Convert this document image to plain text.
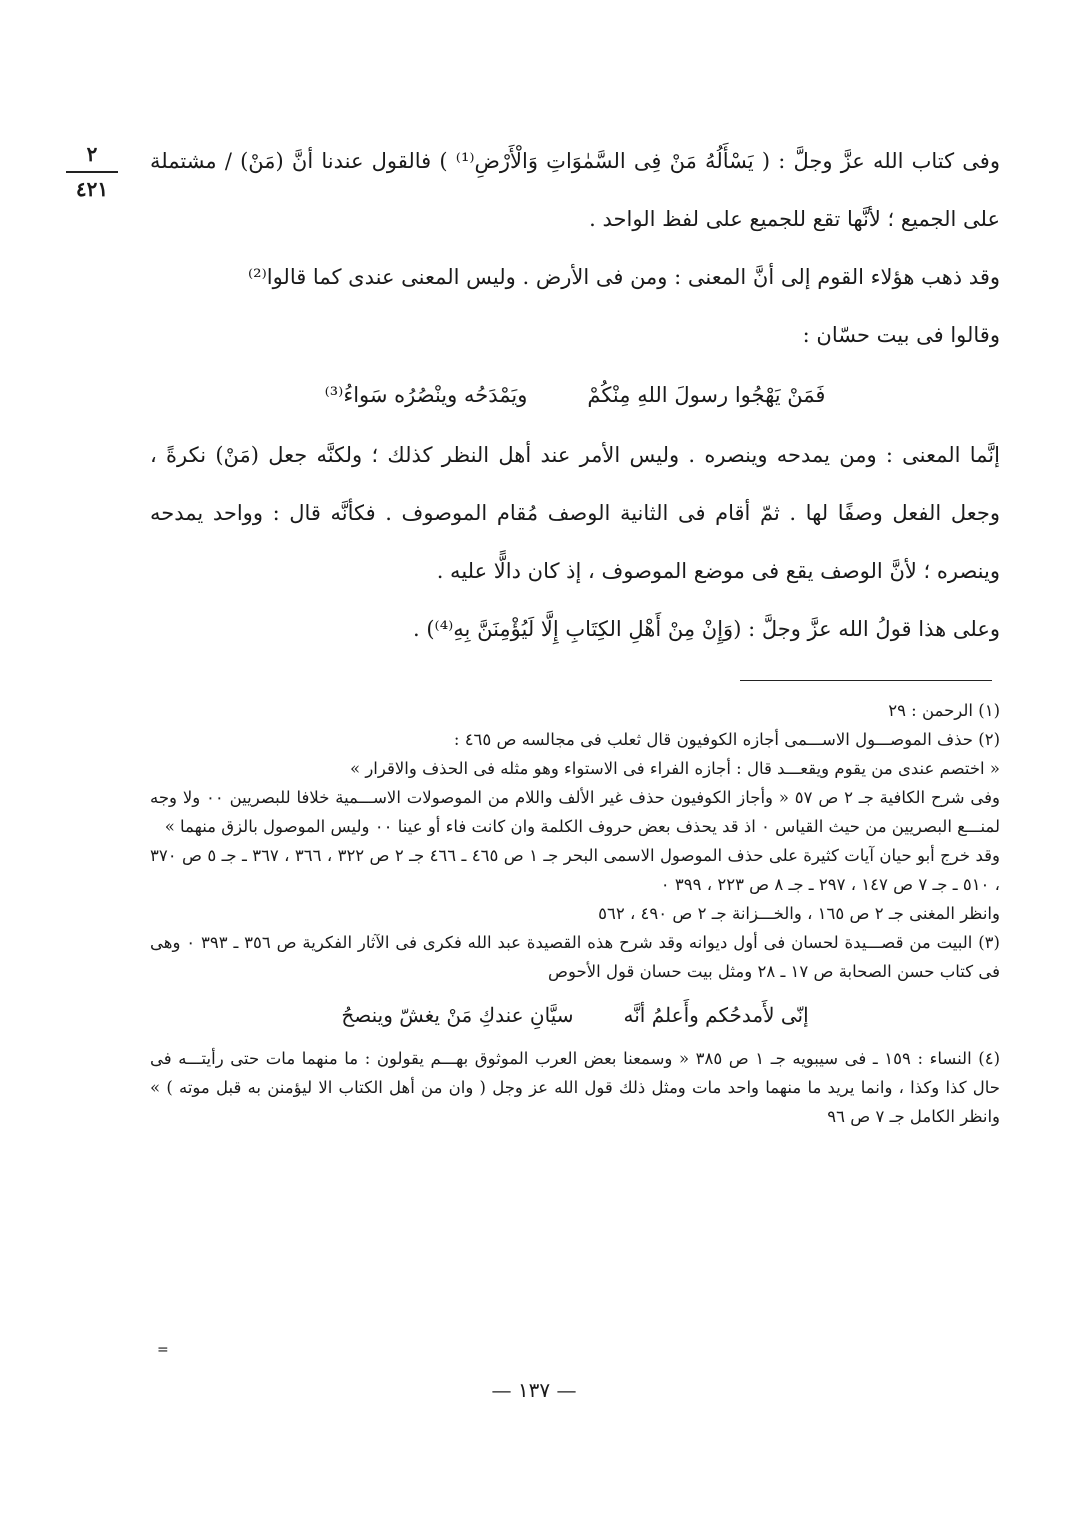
٢
٤٢١

وفى كتاب الله عزَّ وجلَّ : ( يَسْأَلُهُ مَنْ فِى السَّمٰوَاتِ وَالْأَرْضِ⁽¹⁾ ) فالقول عندنا أنَّ (مَنْ) / مشتملة على الجميع ؛ لأنَّها تقع للجميع على لفظ الواحد .

وقد ذهب هؤلاء القوم إلى أنَّ المعنى : ومن فى الأرض . وليس المعنى عندى كما قالوا⁽²⁾

وقالوا فى بيت حسّان :

فَمَنْ يَهْجُوا رسولَ اللهِ مِنْكُمْ
ويَمْدَحُه وينْصُرُه سَواءُ⁽³⁾

إنَّما المعنى : ومن يمدحه وينصره . وليس الأمر عند أهل النظر كذلك ؛ ولكنَّه جعل (مَنْ) نكرةً ، وجعل الفعل وصفًا لها . ثمّ أقام فى الثانية الوصف مُقام الموصوف . فكأنَّه قال : وواحد يمدحه وينصره ؛ لأنَّ الوصف يقع فى موضع الموصوف ، إذ كان دالًّا عليه .

وعلى هذا قولُ الله عزَّ وجلَّ : (وَإِنْ مِنْ أَهْلِ الكِتَابِ إِلَّا لَيُؤْمِنَنَّ بِهِ⁽⁴⁾) .

(١) الرحمن : ٢٩

(٢) حذف الموصـــول الاســـمى أجازه الكوفيون قال ثعلب فى مجالسه ص ٤٦٥ :

« اختصم عندى من يقوم ويقعـــد قال : أجازه الفراء فى الاستواء وهو مثله فى الحذف والاقرار »

وفى شرح الكافية جـ ٢ ص ٥٧ « وأجاز الكوفيون حذف غير الألف واللام من الموصولات الاســـمية خلافا للبصريين ٠٠ ولا وجه لمنـــع البصريين من حيث القياس ٠ اذ قد يحذف بعض حروف الكلمة وان كانت فاء أو عينا ٠٠ وليس الموصول بالزق منهما »

وقد خرج أبو حيان آيات كثيرة على حذف الموصول الاسمى البحر جـ ١ ص ٤٦٥ ـ ٤٦٦ جـ ٢ ص ٣٢٢ ، ٣٦٦ ، ٣٦٧ ـ جـ ٥ ص ٣٧٠ ، ٥١٠ ـ جـ ٧ ص ١٤٧ ، ٢٩٧ ـ جـ ٨ ص ٢٢٣ ، ٣٩٩ ٠

وانظر المغنى جـ ٢ ص ١٦٥ ، والخـــزانة جـ ٢ ص ٤٩٠ ، ٥٦٢

(٣) البيت من قصـــيدة لحسان فى أول ديوانه وقد شرح هذه القصيدة عبد الله فكرى فى الآثار الفكرية ص ٣٥٦ ـ ٣٩٣ ٠ وهى فى كتاب حسن الصحابة ص ١٧ ـ ٢٨ ومثل بيت حسان قول الأحوص

إنّى لأَمدحُكم وأَعلمُ أنَّه
سيَّانِ عندكِ مَنْ يغشّ وينصحُ

(٤) النساء : ١٥٩ ـ فى سيبويه جـ ١ ص ٣٨٥ « وسمعنا بعض العرب الموثوق بهـــم يقولون : ما منهما مات حتى رأيتـــه فى حال كذا وكذا ، وانما يريد ما منهما واحد مات ومثل ذلك قول الله عز وجل ( وان من أهل الكتاب الا ليؤمنن به قبل موته ) » وانظر الكامل جـ ٧ ص ٩٦

=
— ١٣٧ —
